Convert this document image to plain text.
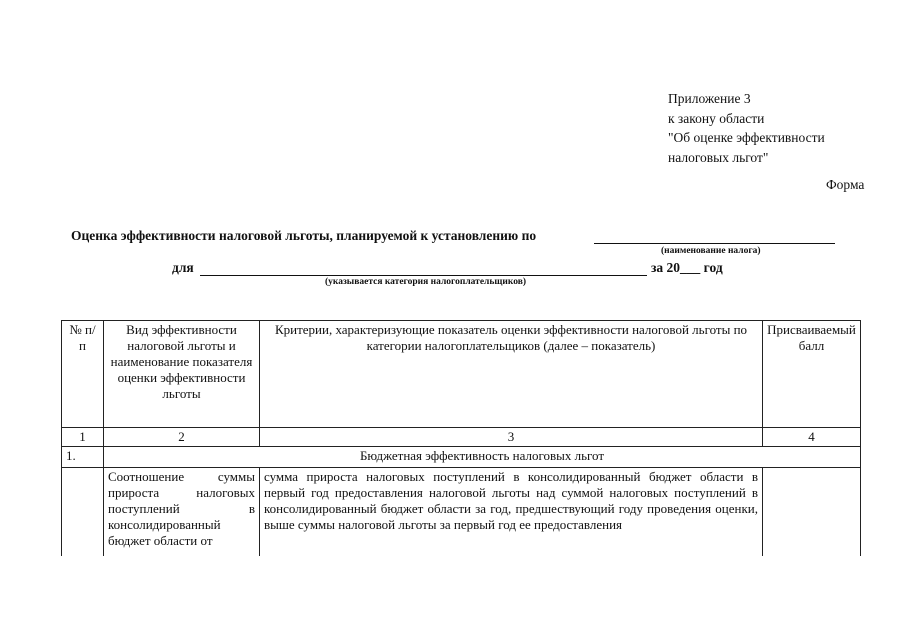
Приложение 3
к закону области
"Об оценке эффективности
налоговых льгот"
Форма
Оценка эффективности налоговой льготы, планируемой к установлению по
(наименование налога)
для	за 20___ год
(указывается категория налогоплательщиков)
№ п/п	Вид эффективности налоговой льготы и наименование показателя оценки эффективности льготы	Критерии, характеризующие показатель оценки эффективности налоговой льготы по категории налогоплательщиков (далее – показатель)	Присваиваемый балл
1	2	3	4
1.	Бюджетная эффективность налоговых льгот		
	Соотношение суммы прироста налоговых поступлений в консолидированный бюджет области от	сумма прироста налоговых поступлений в консолидированный бюджет области в первый год предоставления налоговой льготы над суммой налоговых поступлений в консолидированный бюджет области за год, предшествующий году проведения оценки, выше суммы налоговой льготы за первый год ее предоставления	
